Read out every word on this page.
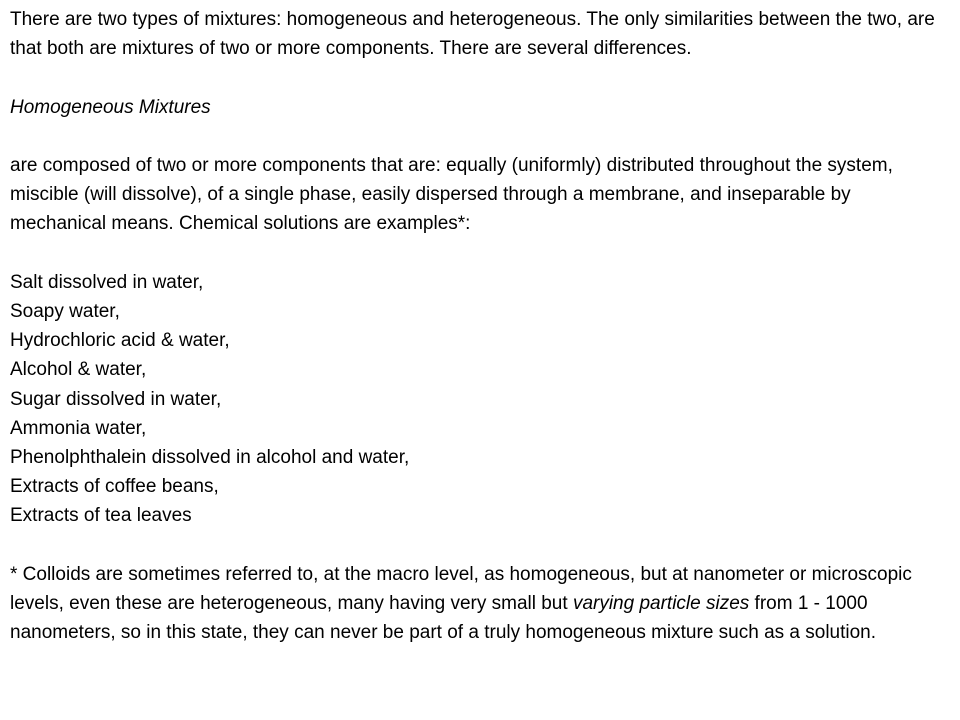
There are two types of mixtures: homogeneous and heterogeneous. The only similarities between the two, are that both are mixtures of two or more components. There are several differences.

Homogeneous Mixtures

are composed of two or more components that are: equally (uniformly) distributed throughout the system, miscible (will dissolve), of a single phase, easily dispersed through a membrane, and inseparable by mechanical means. Chemical solutions are examples*:

Salt dissolved in water,
Soapy water,
Hydrochloric acid & water,
Alcohol & water,
Sugar dissolved in water,
Ammonia water,
Phenolphthalein dissolved in alcohol and water,
Extracts of coffee beans,
Extracts of tea leaves

* Colloids are sometimes referred to, at the macro level, as homogeneous, but at nanometer or microscopic levels, even these are heterogeneous, many having very small but varying particle sizes from 1 - 1000 nanometers, so in this state, they can never be part of a truly homogeneous mixture such as a solution.
